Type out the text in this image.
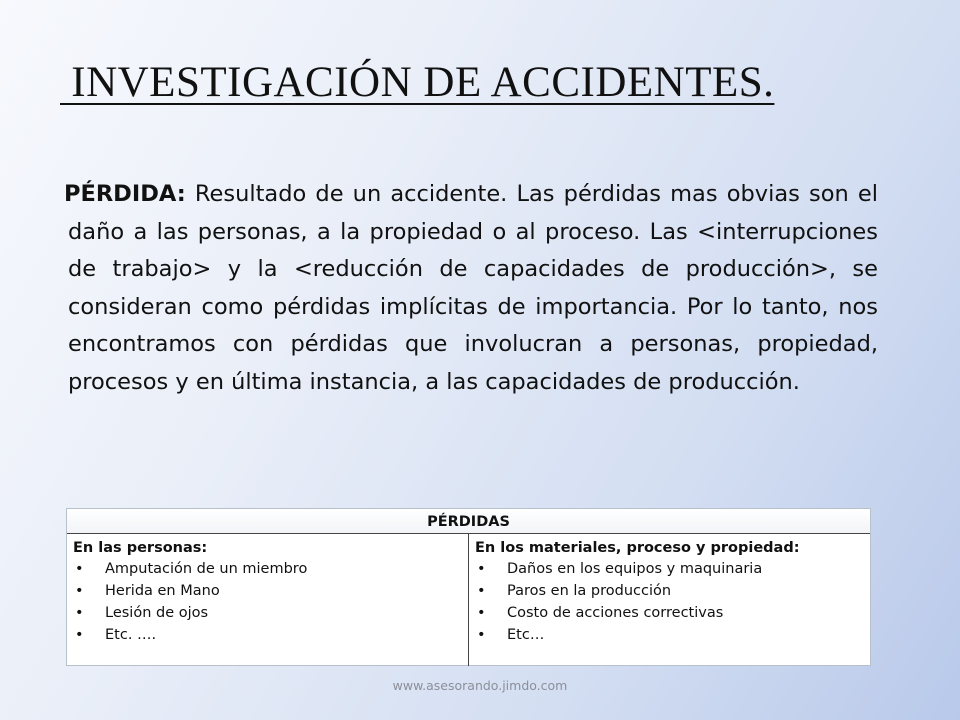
INVESTIGACIÓN DE ACCIDENTES.

PÉRDIDA: Resultado de un accidente. Las pérdidas mas obvias son el daño a las personas, a la propiedad o al proceso. Las <interrupciones de trabajo> y la <reducción de capacidades de producción>, se consideran como pérdidas implícitas de importancia. Por lo tanto, nos encontramos con pérdidas que involucran a personas, propiedad, procesos y en última instancia, a las capacidades de producción.

PÉRDIDAS
En las personas:
• Amputación de un miembro
• Herida en Mano
• Lesión de ojos
• Etc. ….
En los materiales, proceso y propiedad:
• Daños en los equipos y maquinaria
• Paros en la producción
• Costo de acciones correctivas
• Etc…
www.asesorando.jimdo.com
